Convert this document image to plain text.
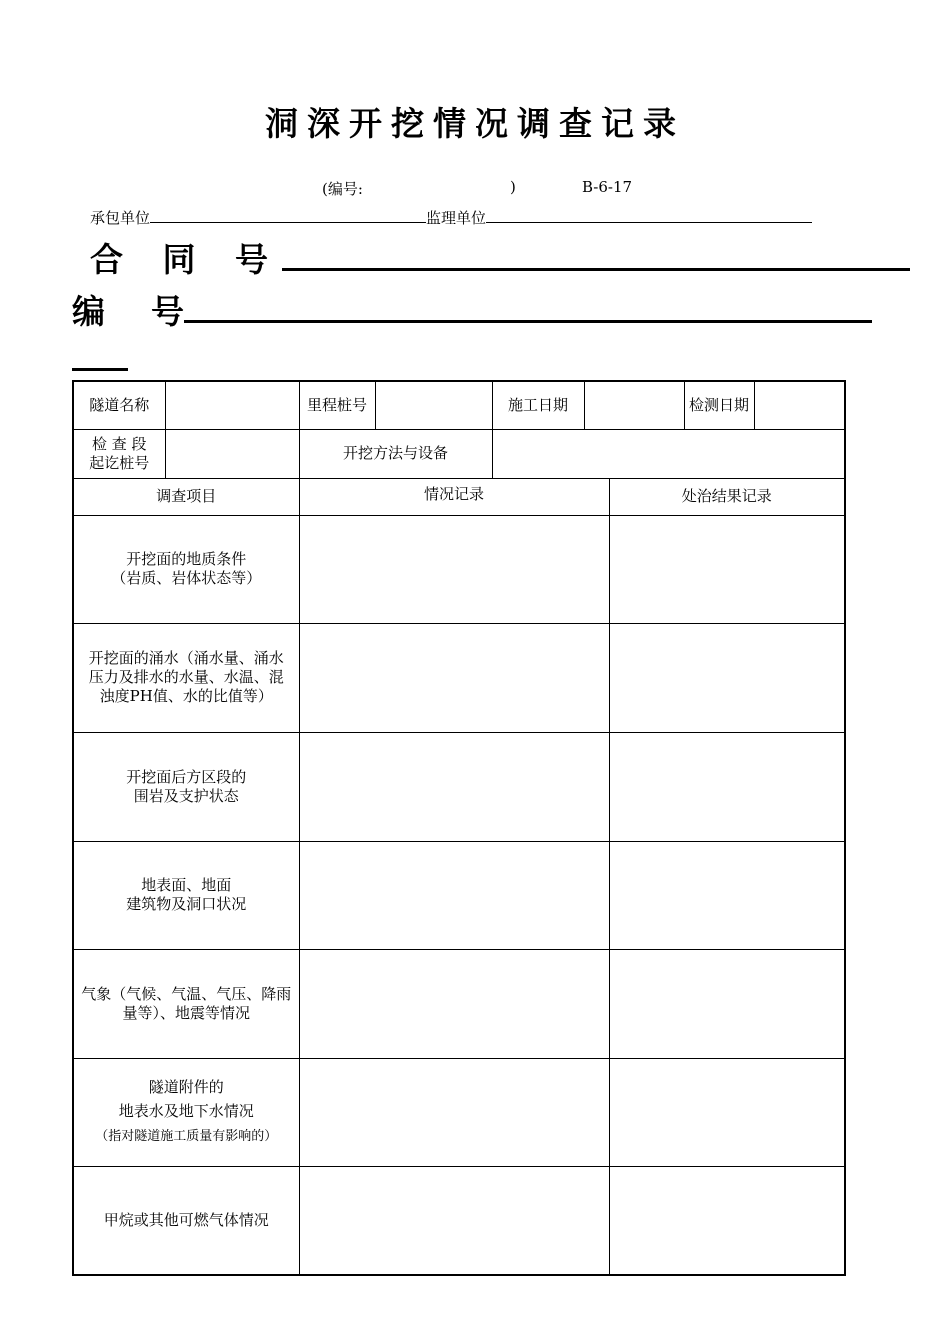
洞深开挖情况调查记录
(编号:	)	B-6-17
承包单位	监理单位
合 同 号
编    号
隧道名称		里程桩号		施工日期			检测日期	
检 查 段
起讫桩号		开挖方法与设备						
调查项目		情况记录				处治结果记录		
开挖面的地质条件
（岩质、岩体状态等）								
开挖面的涌水（涌水量、涌水
压力及排水的水量、水温、混
浊度PH值、水的比值等）								
开挖面后方区段的
围岩及支护状态								
地表面、地面
建筑物及洞口状况								
气象（气候、气温、气压、降雨
量等）、地震等情况								
隧道附件的
地表水及地下水情况
（指对隧道施工质量有影响的）								
甲烷或其他可燃气体情况								
